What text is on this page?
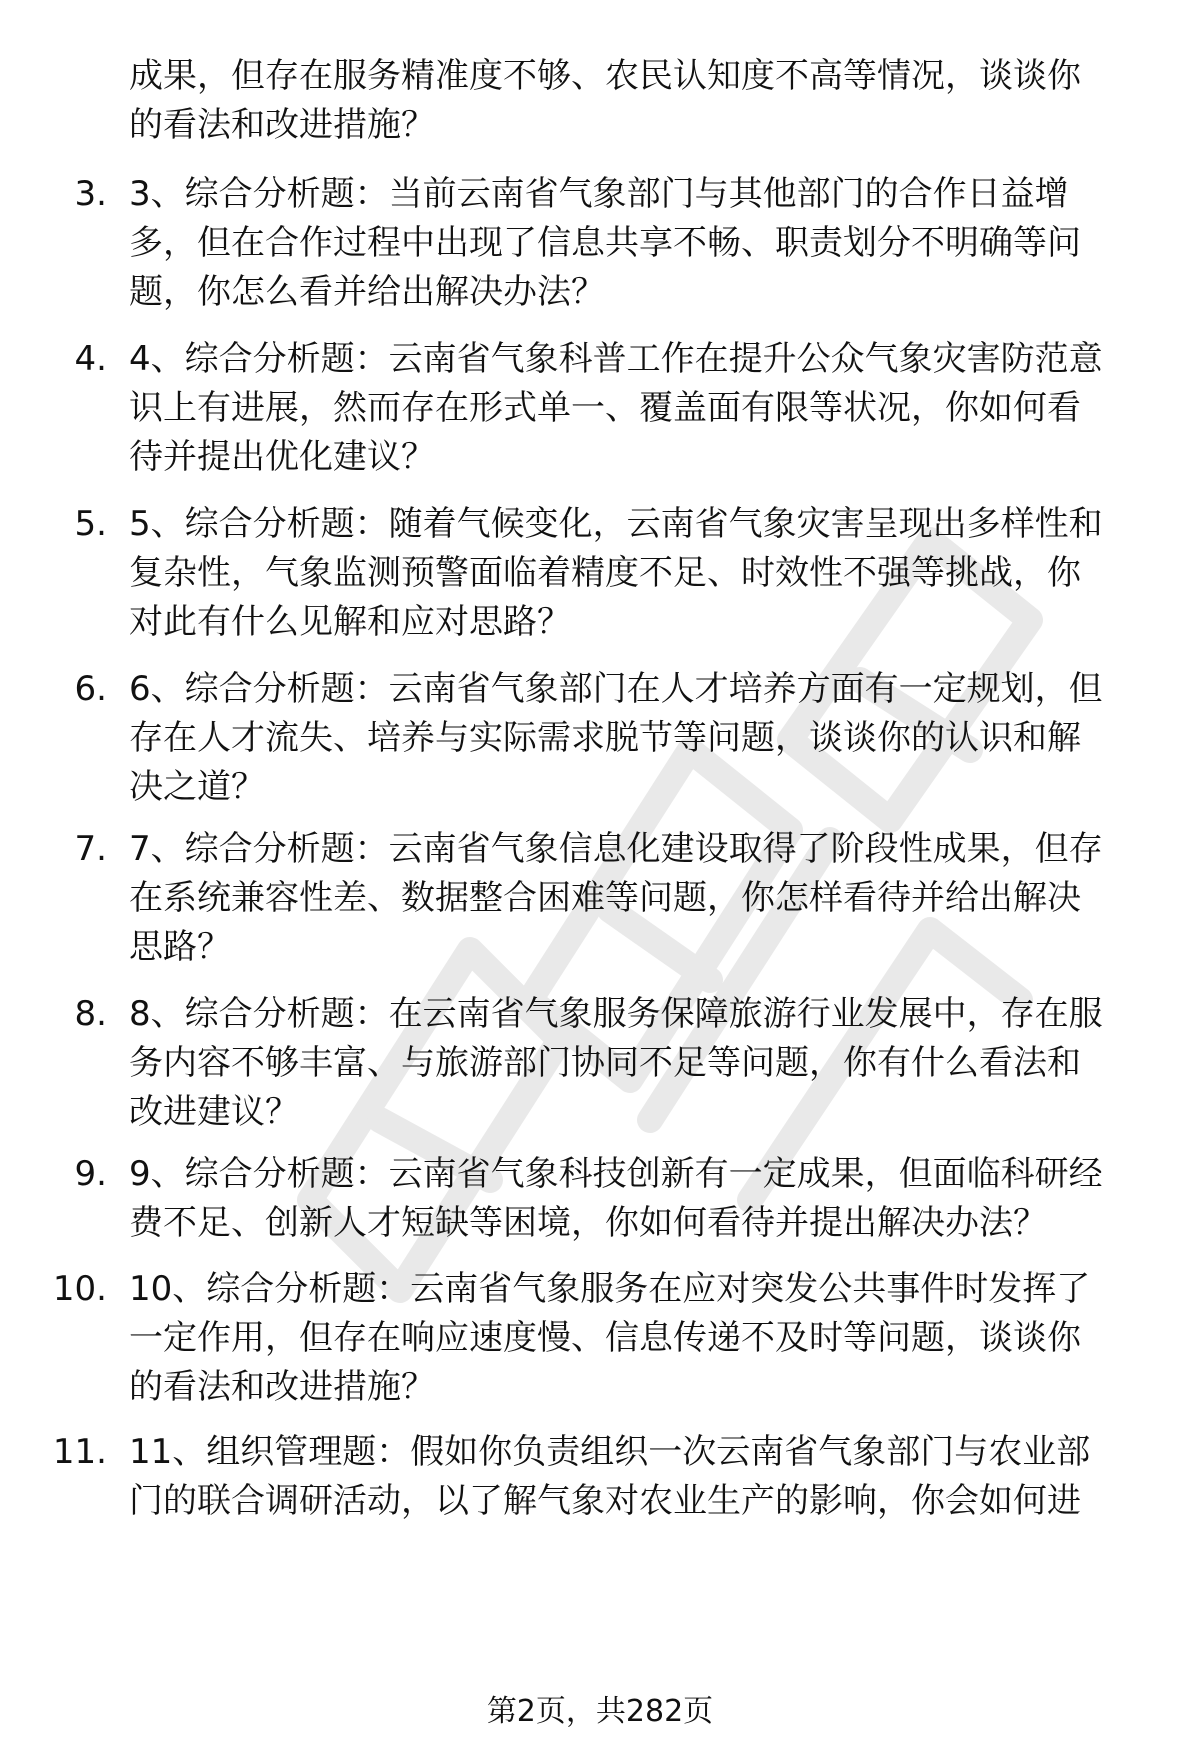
成果，但存在服务精准度不够、农民认知度不高等情况，谈谈你
的看法和改进措施？
3. 3、综合分析题：当前云南省气象部门与其他部门的合作日益增
多，但在合作过程中出现了信息共享不畅、职责划分不明确等问
题，你怎么看并给出解决办法？
4. 4、综合分析题：云南省气象科普工作在提升公众气象灾害防范意
识上有进展，然而存在形式单一、覆盖面有限等状况，你如何看
待并提出优化建议？
5. 5、综合分析题：随着气候变化，云南省气象灾害呈现出多样性和
复杂性，气象监测预警面临着精度不足、时效性不强等挑战，你
对此有什么见解和应对思路？
6. 6、综合分析题：云南省气象部门在人才培养方面有一定规划，但
存在人才流失、培养与实际需求脱节等问题，谈谈你的认识和解
决之道？
7. 7、综合分析题：云南省气象信息化建设取得了阶段性成果，但存
在系统兼容性差、数据整合困难等问题，你怎样看待并给出解决
思路？
8. 8、综合分析题：在云南省气象服务保障旅游行业发展中，存在服
务内容不够丰富、与旅游部门协同不足等问题，你有什么看法和
改进建议？
9. 9、综合分析题：云南省气象科技创新有一定成果，但面临科研经
费不足、创新人才短缺等困境，你如何看待并提出解决办法？
10. 10、综合分析题：云南省气象服务在应对突发公共事件时发挥了
一定作用，但存在响应速度慢、信息传递不及时等问题，谈谈你
的看法和改进措施？
11. 11、组织管理题：假如你负责组织一次云南省气象部门与农业部
门的联合调研活动，以了解气象对农业生产的影响，你会如何进
第2页，共282页
